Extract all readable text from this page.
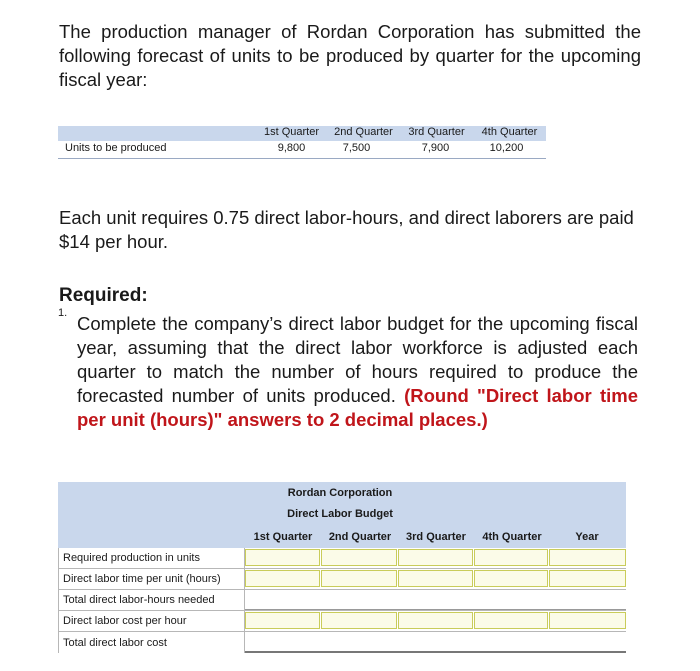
The production manager of Rordan Corporation has submitted the following forecast of units to be produced by quarter for the upcoming fiscal year:
1st Quarter	2nd Quarter	3rd Quarter	4th Quarter
Units to be produced	9,800	7,500	7,900	10,200
Each unit requires 0.75 direct labor-hours, and direct laborers are paid $14 per hour.
Required:
1. Complete the company’s direct labor budget for the upcoming fiscal year, assuming that the direct labor workforce is adjusted each quarter to match the number of hours required to produce the forecasted number of units produced. (Round "Direct labor time per unit (hours)" answers to 2 decimal places.)
Rordan Corporation
Direct Labor Budget
1st Quarter	2nd Quarter	3rd Quarter	4th Quarter	Year
Required production in units
Direct labor time per unit (hours)
Total direct labor-hours needed
Direct labor cost per hour
Total direct labor cost
